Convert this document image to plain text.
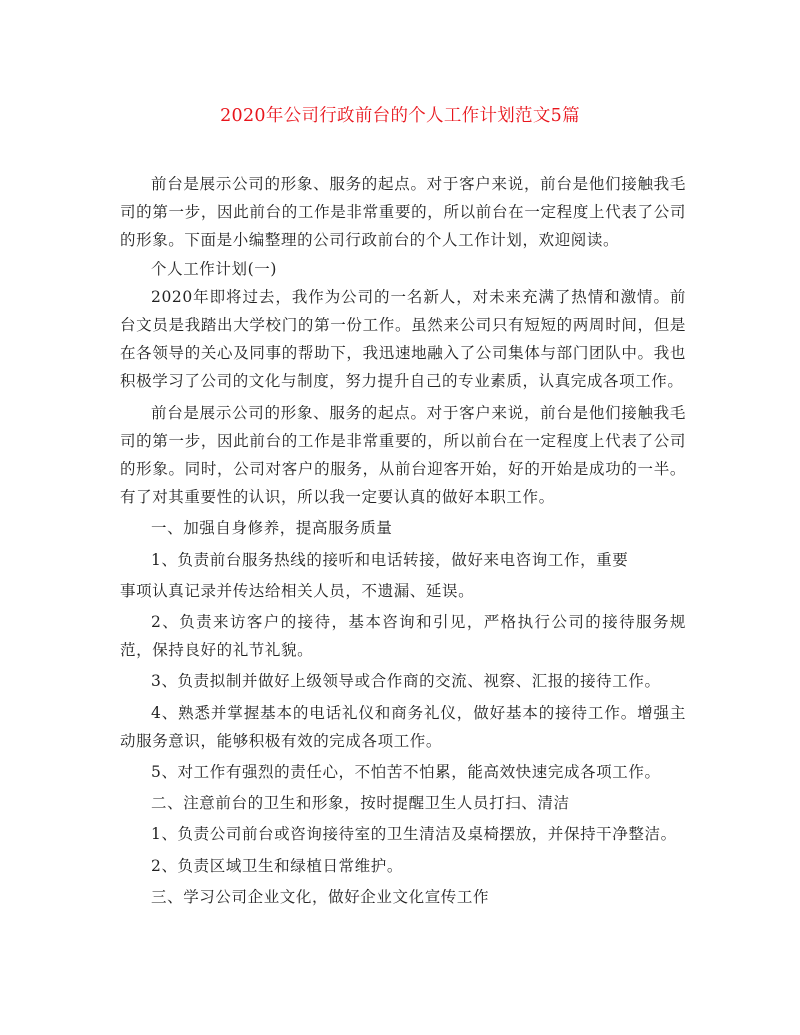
2020年公司行政前台的个人工作计划范文5篇

前台是展示公司的形象、服务的起点。对于客户来说，前台是他们接触我毛司的第一步，因此前台的工作是非常重要的，所以前台在一定程度上代表了公司的形象。下面是小编整理的公司行政前台的个人工作计划，欢迎阅读。

个人工作计划(一)

2020年即将过去，我作为公司的一名新人，对未来充满了热情和激情。前台文员是我踏出大学校门的第一份工作。虽然来公司只有短短的两周时间，但是在各领导的关心及同事的帮助下，我迅速地融入了公司集体与部门团队中。我也积极学习了公司的文化与制度，努力提升自己的专业素质，认真完成各项工作。

前台是展示公司的形象、服务的起点。对于客户来说，前台是他们接触我毛司的第一步，因此前台的工作是非常重要的，所以前台在一定程度上代表了公司的形象。同时，公司对客户的服务，从前台迎客开始，好的开始是成功的一半。有了对其重要性的认识，所以我一定要认真的做好本职工作。

一、加强自身修养，提高服务质量

1、负责前台服务热线的接听和电话转接，做好来电咨询工作，重要

事项认真记录并传达给相关人员，不遗漏、延误。

2、负责来访客户的接待，基本咨询和引见，严格执行公司的接待服务规范，保持良好的礼节礼貌。

3、负责拟制并做好上级领导或合作商的交流、视察、汇报的接待工作。

4、熟悉并掌握基本的电话礼仪和商务礼仪，做好基本的接待工作。增强主动服务意识，能够积极有效的完成各项工作。

5、对工作有强烈的责任心，不怕苦不怕累，能高效快速完成各项工作。

二、注意前台的卫生和形象，按时提醒卫生人员打扫、清洁

1、负责公司前台或咨询接待室的卫生清洁及桌椅摆放，并保持干净整洁。

2、负责区域卫生和绿植日常维护。

三、学习公司企业文化，做好企业文化宣传工作
